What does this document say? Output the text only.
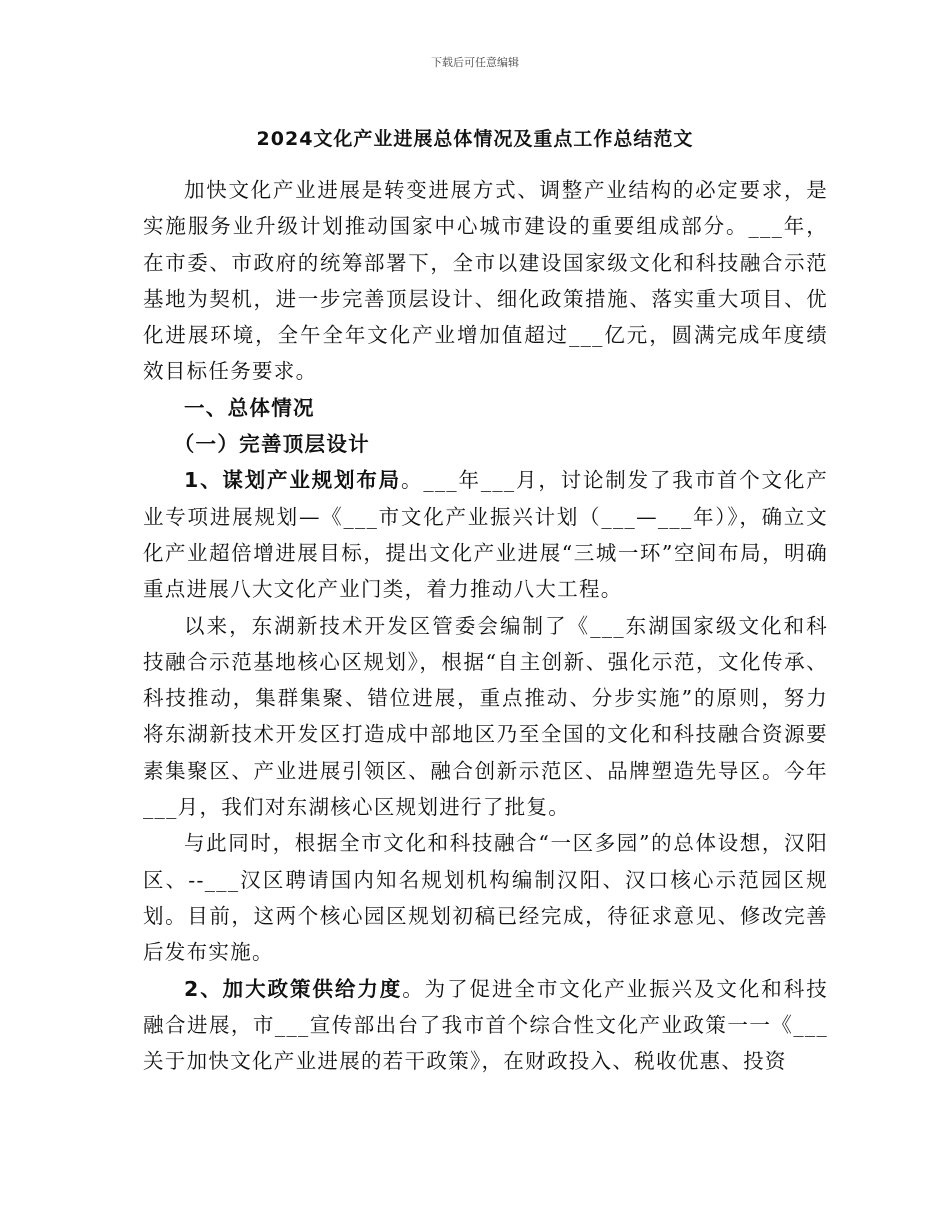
下载后可任意编辑
2024文化产业进展总体情况及重点工作总结范文

加快文化产业进展是转变进展方式、调整产业结构的必定要求，是实施服务业升级计划推动国家中心城市建设的重要组成部分。___年，在市委、市政府的统筹部署下，全市以建设国家级文化和科技融合示范基地为契机，进一步完善顶层设计、细化政策措施、落实重大项目、优化进展环境，全午全年文化产业增加值超过___亿元，圆满完成年度绩效目标任务要求。

一、总体情况

（一）完善顶层设计

1、谋划产业规划布局。___年___月，讨论制发了我市首个文化产业专项进展规划—《___市文化产业振兴计划（___—___年）》，确立文化产业超倍增进展目标，提出文化产业进展“三城一环”空间布局，明确重点进展八大文化产业门类，着力推动八大工程。

以来，东湖新技术开发区管委会编制了《___东湖国家级文化和科技融合示范基地核心区规划》，根据“自主创新、强化示范，文化传承、科技推动，集群集聚、错位进展，重点推动、分步实施”的原则，努力将东湖新技术开发区打造成中部地区乃至全国的文化和科技融合资源要素集聚区、产业进展引领区、融合创新示范区、品牌塑造先导区。今年___月，我们对东湖核心区规划进行了批复。

与此同时，根据全市文化和科技融合“一区多园”的总体设想，汉阳区、--___汉区聘请国内知名规划机构编制汉阳、汉口核心示范园区规划。目前，这两个核心园区规划初稿已经完成，待征求意见、修改完善后发布实施。

2、加大政策供给力度。为了促进全市文化产业振兴及文化和科技融合进展，市___宣传部出台了我市首个综合性文化产业政策一一《___关于加快文化产业进展的若干政策》，在财政投入、税收优惠、投资
